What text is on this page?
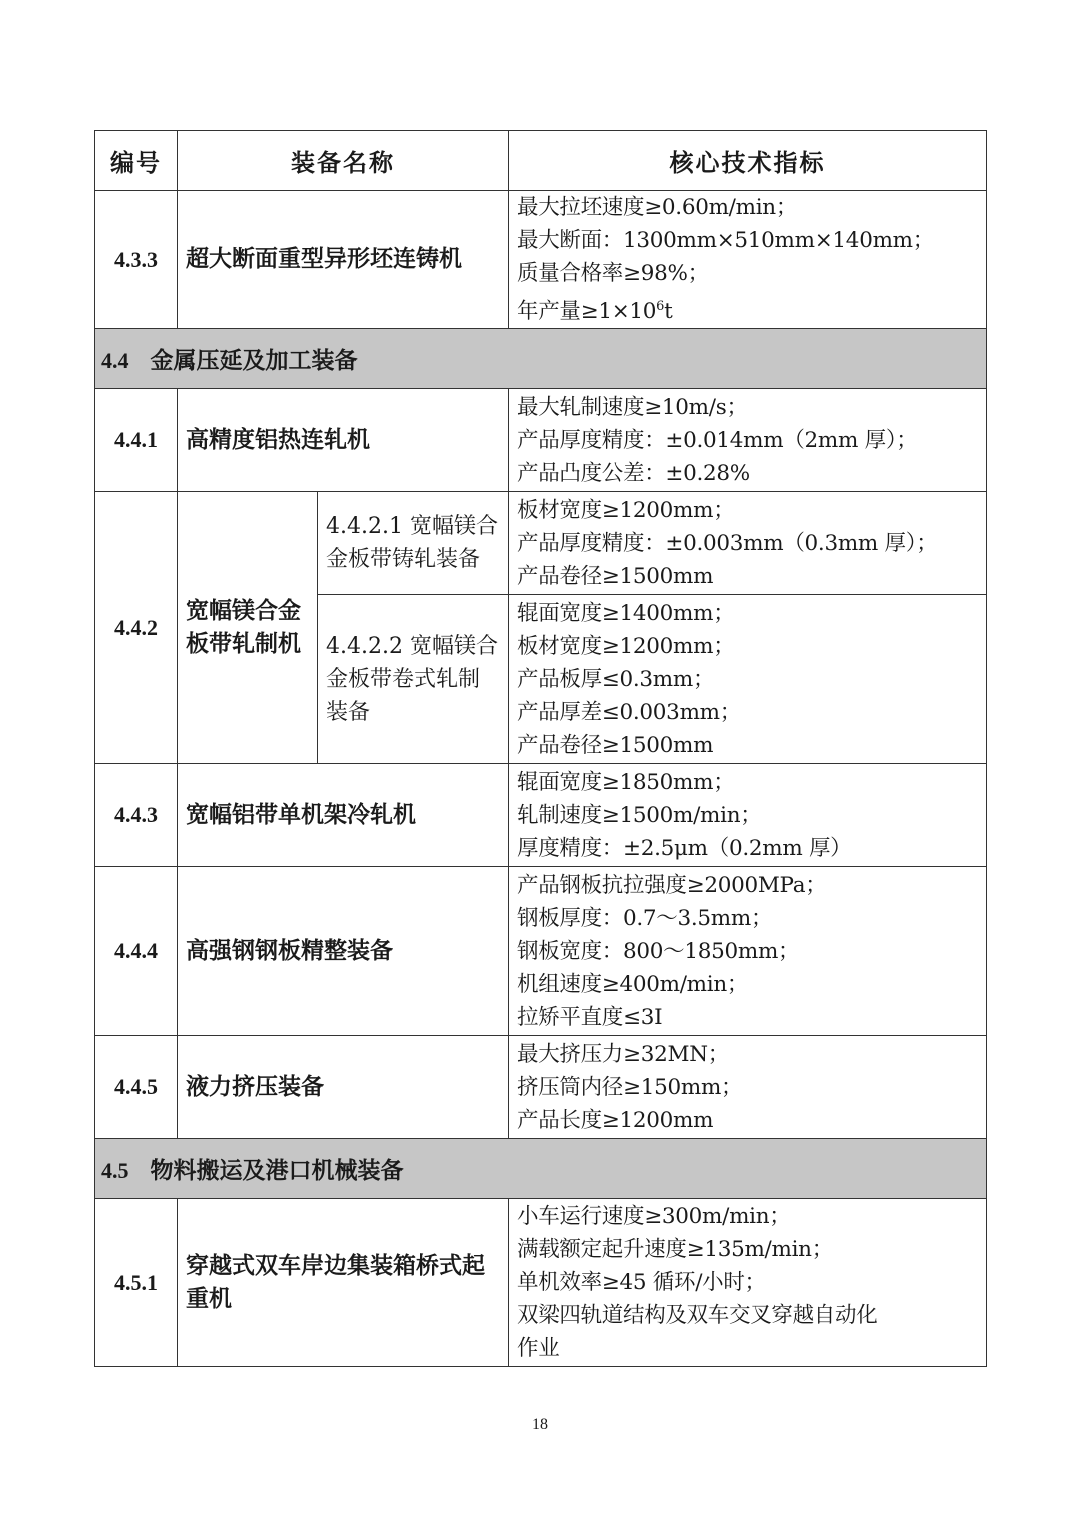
编号	装备名称		核心技术指标
4.3.3	超大断面重型异形坯连铸机		最大拉坯速度≥0.60m/min；
最大断面：1300mm×510mm×140mm；
质量合格率≥98%；
年产量$\ge 1\times 10^6t$

4.4 金属压延及加工装备			
4.4.1	高精度铝热连轧机		最大轧制速度≥10m/s；
产品厚度精度：±0.014mm（2mm 厚）；
产品凸度公差：±0.28%

4.4.2	宽幅镁合金板带轧制机	4.4.2.1 宽幅镁合金板带铸轧装备	板材宽度≥1200mm；
产品厚度精度：±0.003mm（0.3mm 厚）；
产品卷径≥1500mm

		4.4.2.2 宽幅镁合金板带卷式轧制装备	辊面宽度≥1400mm；
板材宽度≥1200mm；
产品板厚≤0.3mm；
产品厚差≤0.003mm；
产品卷径≥1500mm

4.4.3	宽幅铝带单机架冷轧机		辊面宽度≥1850mm；
轧制速度≥1500m/min；
厚度精度：±2.5μm（0.2mm 厚）

4.4.4	高强钢钢板精整装备		产品钢板抗拉强度≥2000MPa；
钢板厚度：0.7～3.5mm；
钢板宽度：800～1850mm；
机组速度≥400m/min；
拉矫平直度≤3I

4.4.5	液力挤压装备		最大挤压力≥32MN；
挤压筒内径≥150mm；
产品长度≥1200mm

4.5 物料搬运及港口机械装备			
4.5.1	穿越式双车岸边集装箱桥式起重机		小车运行速度≥300m/min；
满载额定起升速度≥135m/min；
单机效率≥45 循环/小时；
双梁四轨道结构及双车交叉穿越自动化
作业
18
